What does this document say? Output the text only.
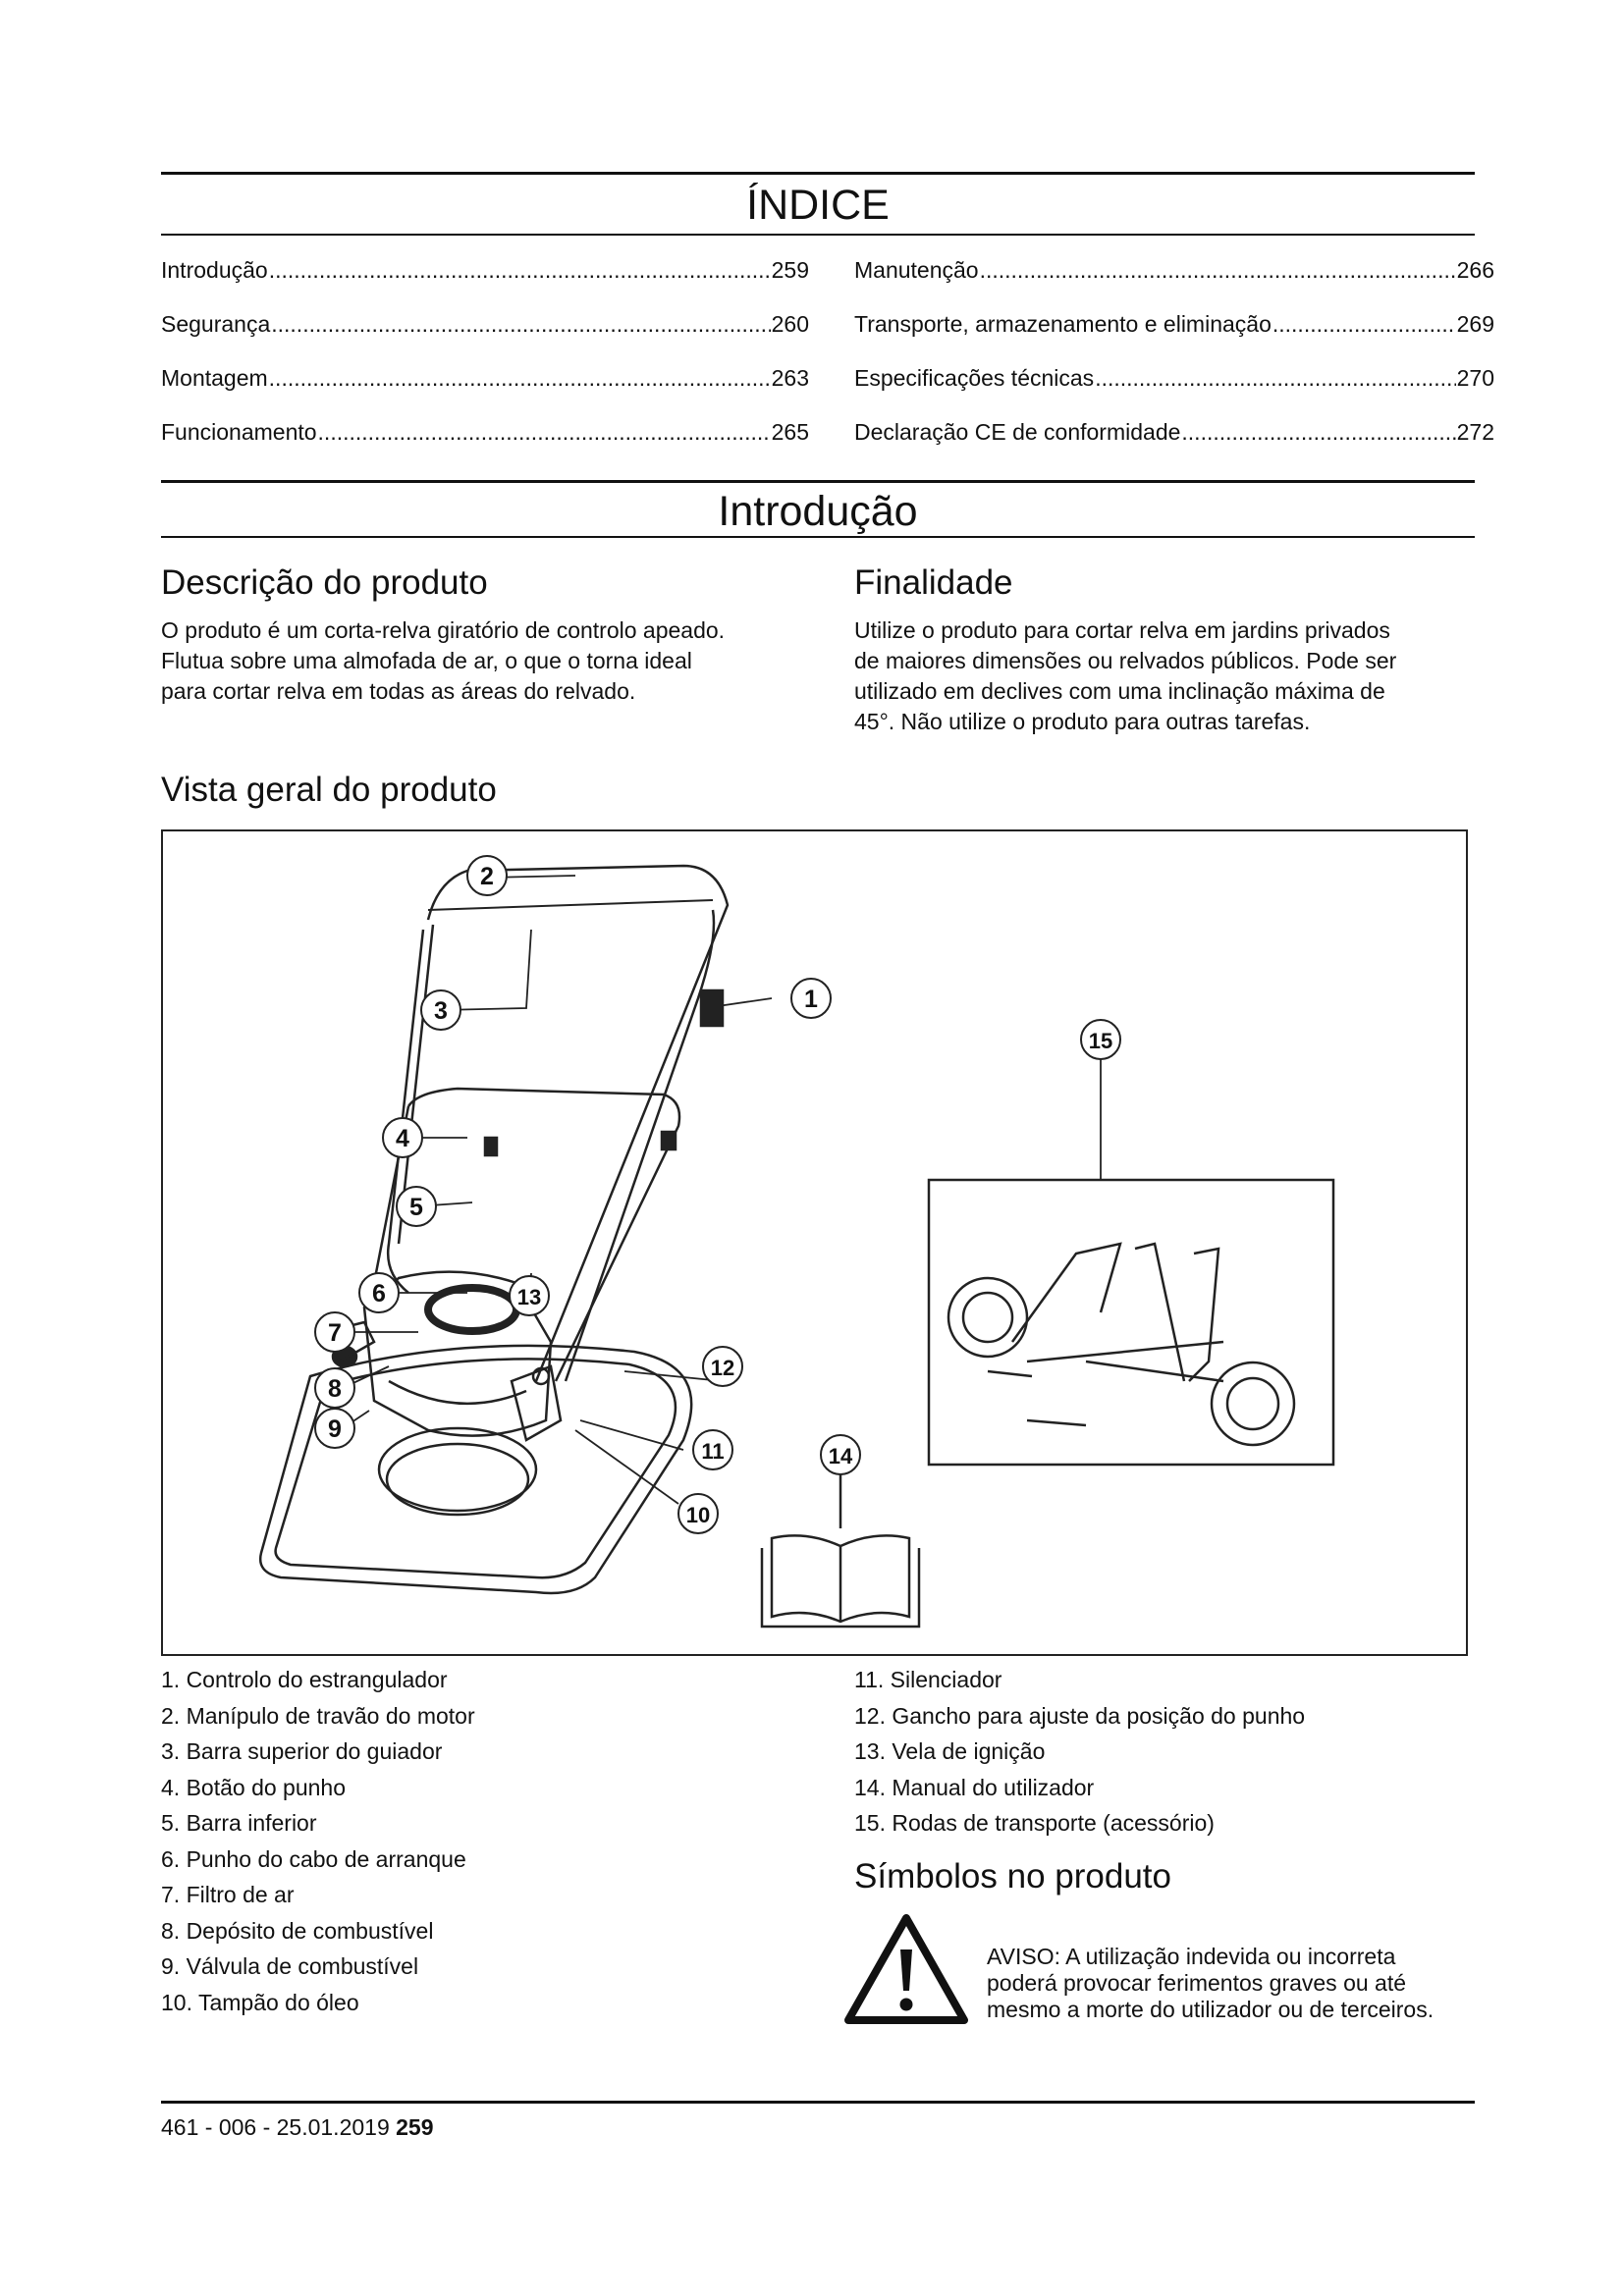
ÍNDICE
Introdução .....	259
Segurança .....	260
Montagem .....	263
Funcionamento .....	265
Manutenção .....	266
Transporte, armazenamento e eliminação .....	269
Especificações técnicas .....	270
Declaração CE de conformidade .....	272
Introdução
Descrição do produto
O produto é um corta-relva giratório de controlo apeado.
Flutua sobre uma almofada de ar, o que o torna ideal
para cortar relva em todas as áreas do relvado.
Finalidade
Utilize o produto para cortar relva em jardins privados
de maiores dimensões ou relvados públicos. Pode ser
utilizado em declives com uma inclinação máxima de
45°. Não utilize o produto para outras tarefas.
Vista geral do produto
1
2
3
4
5
6
7
8
9
10
11
12
13
14
15
1. Controlo do estrangulador
2. Manípulo de travão do motor
3. Barra superior do guiador
4. Botão do punho
5. Barra inferior
6. Punho do cabo de arranque
7. Filtro de ar
8. Depósito de combustível
9. Válvula de combustível
10. Tampão do óleo
11. Silenciador
12. Gancho para ajuste da posição do punho
13. Vela de ignição
14. Manual do utilizador
15. Rodas de transporte (acessório)
Símbolos no produto
AVISO: A utilização indevida ou incorreta
poderá provocar ferimentos graves ou até
mesmo a morte do utilizador ou de terceiros.
461 - 006 - 25.01.2019 259
